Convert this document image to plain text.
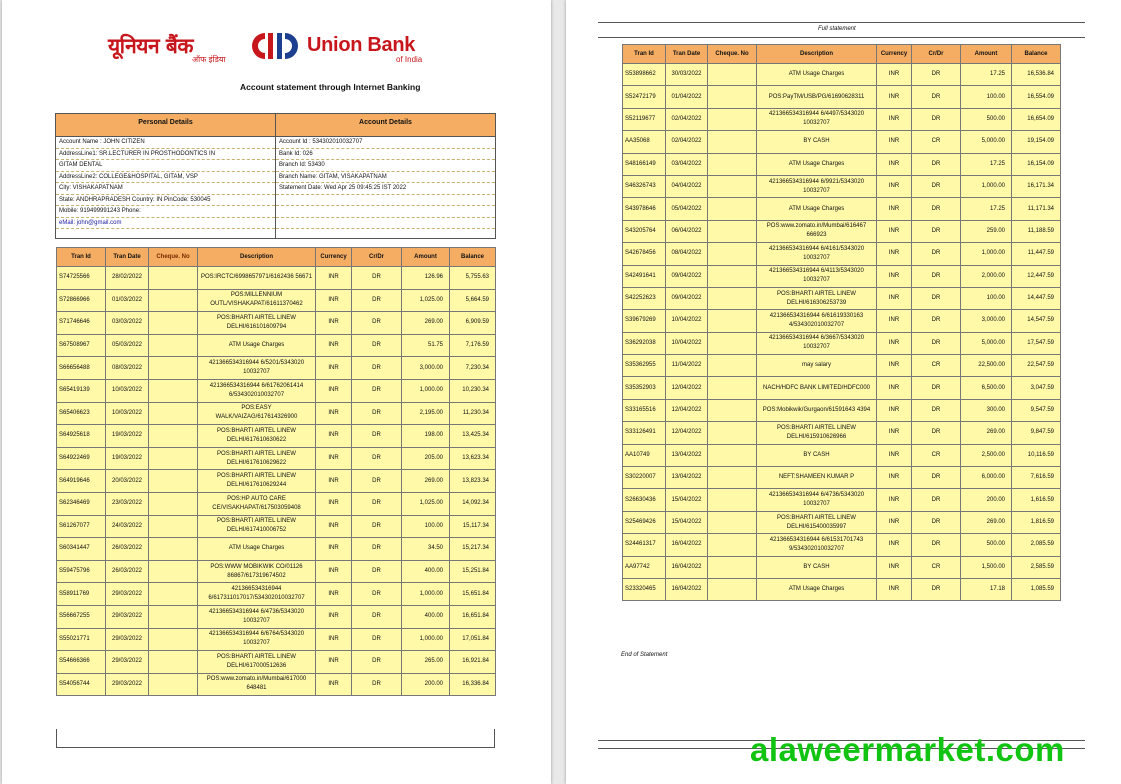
यूनियन बैंक
ऑफ इंडिया
Union Bank
of India
Account statement through Internet Banking
Personal Details	Account Details
Account Name : JOHN CITIZEN
AddressLine1: SR.LECTURER IN PROSTHODONTICS IN
GITAM DENTAL
AddressLine2: COLLEGE&HOSPITAL, GITAM, VSP
City: VISHAKAPATNAM
State: ANDHRAPRADESH Country: IN PinCode: 530045
Mobile: 919499991243 Phone:
eMail: john@gmail.com
Account Id : 534302010032707
Bank Id: 026
Branch Id: 53430
Branch Name: GITAM, VISAKAPATNAM
Statement Date: Wed Apr 25 09:45:25 IST 2022
Tran Id	Tran Date	Cheque. No	Description	Currency	Cr/Dr	Amount	Balance
S74725566	28/02/2022		POS:IRCTC/6998657971/6162436 56671	INR	DR	126.96	5,755.63
S72866966	01/03/2022		POS:MILLENNIUM OUTL/VISHAKAPAT/61611370462	INR	DR	1,025.00	5,664.59
S71746646	03/03/2022		POS:BHARTI AIRTEL LINEW DELHI/616101609794	INR	DR	269.00	6,909.59
S67508967	05/03/2022		ATM Usage Charges	INR	DR	51.75	7,176.59
S66656488	08/03/2022		421366534316944 6/5201/5343020 10032707	INR	DR	3,000.00	7,230.34
S65419139	10/03/2022		421366534316944 6/61762061414 6/534302010032707	INR	DR	1,000.00	10,230.34
S65406623	10/03/2022		POS:EASY WALK/VAIZAG/617614326900	INR	DR	2,195.00	11,230.34
S64925618	19/03/2022		POS:BHARTI AIRTEL LINEW DELHI/617610630622	INR	DR	198.00	13,425.34
S64922469	19/03/2022		POS:BHARTI AIRTEL LINEW DELHI/617610629622	INR	DR	205.00	13,623.34
S64919646	20/03/2022		POS:BHARTI AIRTEL LINEW DELHI/617610629244	INR	DR	269.00	13,823.34
S62346469	23/03/2022		POS:HP AUTO CARE CE/VISAKHAPAT/617503059408	INR	DR	1,025.00	14,092.34
S61267077	24/03/2022		POS:BHARTI AIRTEL LINEW DELHI/617410006752	INR	DR	100.00	15,117.34
S60341447	26/03/2022		ATM Usage Charges	INR	DR	34.50	15,217.34
S59475796	26/03/2022		POS:WWW MOBIKWIK CO/01126 86867/617319674502	INR	DR	400.00	15,251.84
S58911769	29/03/2022		421366534316944 6/617311017017/534302010032707	INR	DR	1,000.00	15,651.84
S56667255	29/03/2022		421366534316944 6/4736/5343020 10032707	INR	DR	400.00	16,651.84
S55021771	29/03/2022		421366534316944 6/6764/5343020 10032707	INR	DR	1,000.00	17,051.84
S54666366	29/03/2022		POS:BHARTI AIRTEL LINEW DELHI/617000512636	INR	DR	265.00	16,921.84
S54056744	29/03/2022		POS:www.zomato.in/Mumbai/617000 648481	INR	DR	200.00	16,336.84
Full statement
Tran Id	Tran Date	Cheque. No	Description	Currency	Cr/Dr	Amount	Balance
S53898662	30/03/2022		ATM Usage Charges	INR	DR	17.25	16,536.84
S52472179	01/04/2022		POS:PayTM/USB/PG/61690628311	INR	DR	100.00	16,554.09
S52119677	02/04/2022		421366534316944 6/4497/5343020 10032707	INR	DR	500.00	16,654.09
AA35068	02/04/2022		BY CASH	INR	CR	5,000.00	19,154.09
S48166149	03/04/2022		ATM Usage Charges	INR	DR	17.25	16,154.09
S46326743	04/04/2022		421366534316944 6/9921/5343020 10032707	INR	DR	1,000.00	16,171.34
S43978646	05/04/2022		ATM Usage Charges	INR	DR	17.25	11,171.34
S43205764	06/04/2022		POS:www.zomato.in/Mumbai/616467 666923	INR	DR	259.00	11,188.59
S42678456	08/04/2022		421366534316944 6/4161/5343020 10032707	INR	DR	1,000.00	11,447.59
S42491641	09/04/2022		421366534316944 6/4113/5343020 10032707	INR	DR	2,000.00	12,447.59
S42252623	09/04/2022		POS:BHARTI AIRTEL LINEW DELHI/616306253739	INR	DR	100.00	14,447.59
S39679269	10/04/2022		421366534316944 6/61619330163 4/534302010032707	INR	DR	3,000.00	14,547.59
S36292038	10/04/2022		421366534316944 6/3667/5343020 10032707	INR	DR	5,000.00	17,547.59
S35362955	11/04/2022		may salary	INR	CR	22,500.00	22,547.59
S35352903	12/04/2022		NACH/HDFC BANK LIMITED/HDFC000	INR	DR	6,500.00	3,047.59
S33165516	12/04/2022		POS:Mobikwik/Gurgaon/61591643 4394	INR	DR	300.00	9,547.59
S33126491	12/04/2022		POS:BHARTI AIRTEL LINEW DELHI/615910626966	INR	DR	269.00	9,847.59
AA10749	13/04/2022		BY CASH	INR	CR	2,500.00	10,116.59
S30220007	13/04/2022		NEFT:SHAMEEN KUMAR P	INR	DR	6,000.00	7,616.59
S26630436	15/04/2022		421366534316944 6/4736/5343020 10032707	INR	DR	200.00	1,616.59
S25469426	15/04/2022		POS:BHARTI AIRTEL LINEW DELHI/615400035997	INR	DR	269.00	1,816.59
S24461317	16/04/2022		421366534316944 6/61531701743 9/534302010032707	INR	DR	500.00	2,085.59
AA97742	16/04/2022		BY CASH	INR	CR	1,500.00	2,585.59
S23320465	16/04/2022		ATM Usage Charges	INR	DR	17.18	1,085.59
End of Statement
alaweermarket.com
